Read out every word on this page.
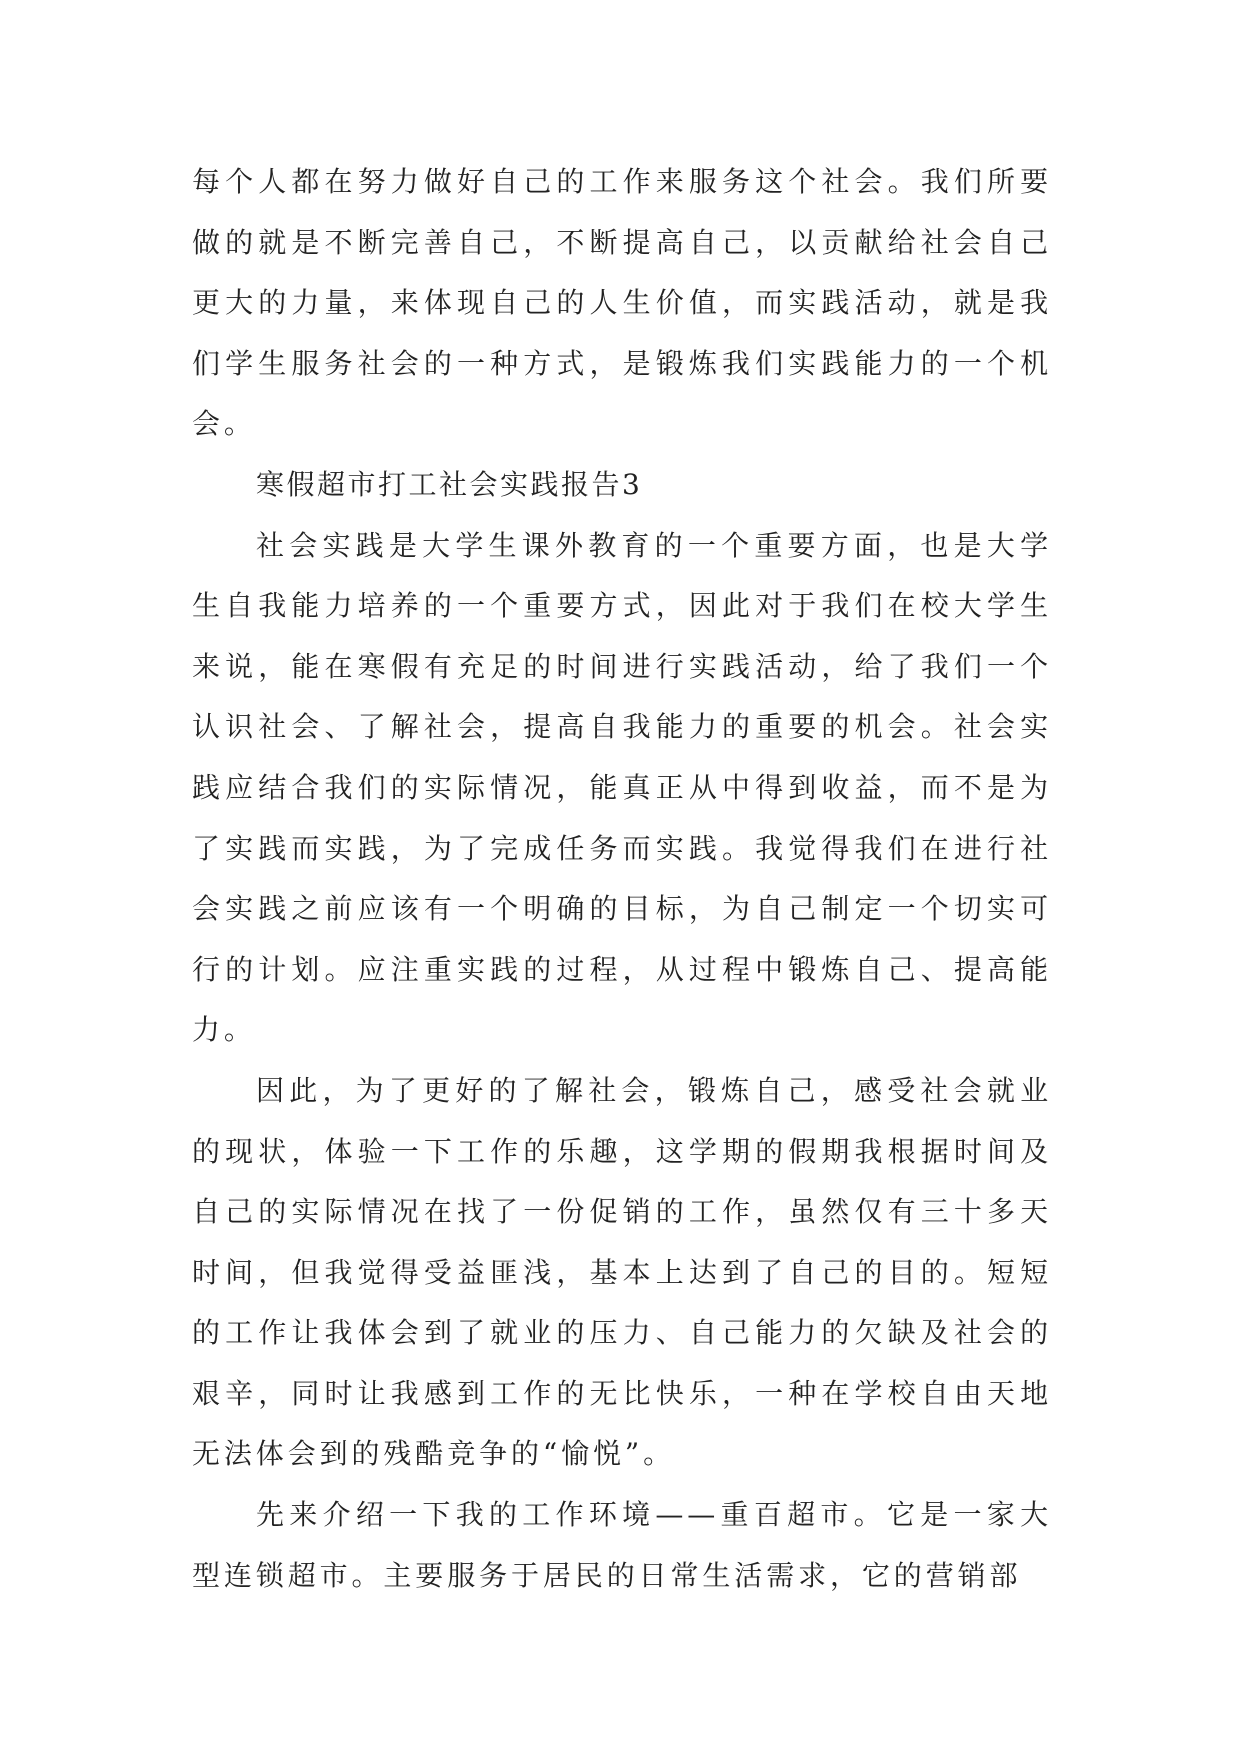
每个人都在努力做好自己的工作来服务这个社会。我们所要做的就是不断完善自己，不断提高自己，以贡献给社会自己更大的力量，来体现自己的人生价值，而实践活动，就是我们学生服务社会的一种方式，是锻炼我们实践能力的一个机会。

寒假超市打工社会实践报告3

社会实践是大学生课外教育的一个重要方面，也是大学生自我能力培养的一个重要方式，因此对于我们在校大学生来说，能在寒假有充足的时间进行实践活动，给了我们一个认识社会、了解社会，提高自我能力的重要的机会。社会实践应结合我们的实际情况，能真正从中得到收益，而不是为了实践而实践，为了完成任务而实践。我觉得我们在进行社会实践之前应该有一个明确的目标，为自己制定一个切实可行的计划。应注重实践的过程，从过程中锻炼自己、提高能力。

因此，为了更好的了解社会，锻炼自己，感受社会就业的现状，体验一下工作的乐趣，这学期的假期我根据时间及自己的实际情况在找了一份促销的工作，虽然仅有三十多天时间，但我觉得受益匪浅，基本上达到了自己的目的。短短的工作让我体会到了就业的压力、自己能力的欠缺及社会的艰辛，同时让我感到工作的无比快乐，一种在学校自由天地无法体会到的残酷竞争的“愉悦”。

先来介绍一下我的工作环境——重百超市。它是一家大型连锁超市。主要服务于居民的日常生活需求，它的营销部
